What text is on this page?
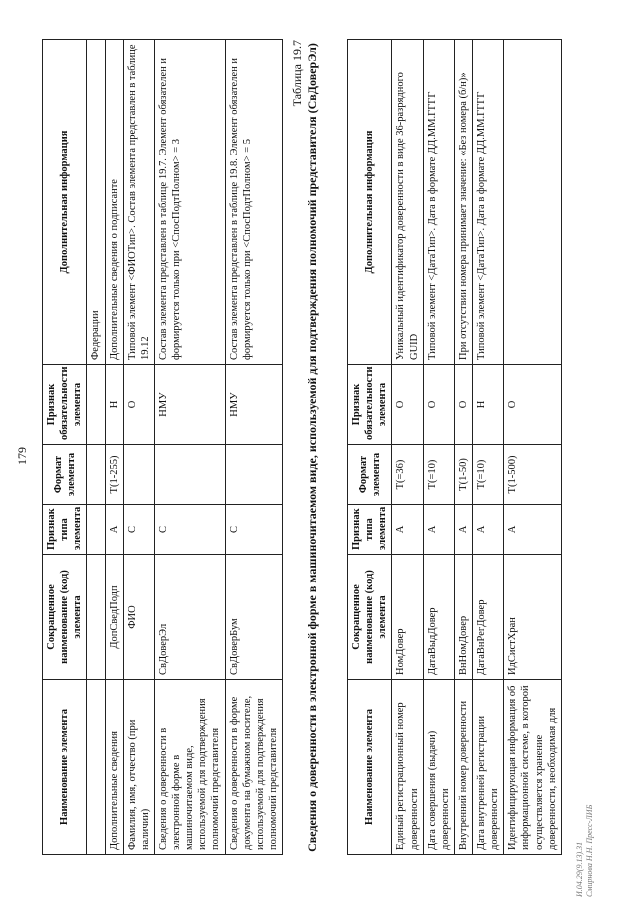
179
Наименование элемента	Сокращенное наименование (код) элемента	Признак типа элемента	Формат элемента	Признак обязательности элемента	Дополнительная информация
					Федерации
Дополнительные сведения	ДопСведПодп	А	Т(1-255)	Н	Дополнительные сведения о подписанте
Фамилия, имя, отчество (при наличии)	ФИО	С		О	Типовой элемент <ФИОТип>. Состав элемента представлен в таблице 19.12
Сведения о доверенности в электронной форме в машиночитаемом виде, используемой для подтверждения полномочий представителя	СвДоверЭл	С		НМУ	Состав элемента представлен в таблице 19.7. Элемент обязателен и формируется только при <СпосПодтПолном> = 3
Сведения о доверенности в форме документа на бумажном носителе, используемой для подтверждения полномочий представителя	СвДоверБум	С		НМУ	Состав элемента представлен в таблице 19.8. Элемент обязателен и формируется только при <СпосПодтПолном> = 5
Таблица 19.7 Сведения о доверенности в электронной форме в машиночитаемом виде, используемой для подтверждения полномочий представителя (СвДоверЭл)	Наименование элемента	Сокращенное наименование (код) элемента	Признак типа элемента	Формат элемента	Признак обязательности элемента	Дополнительная информация
Единый регистрационный номер доверенности	НомДовер	А	Т(=36)	О	Уникальный идентификатор доверенности в виде 36-разрядного GUID
Дата совершения (выдачи) доверенности	ДатаВыдДовер	А	Т(=10)	О	Типовой элемент <ДатаТип>. Дата в формате ДД.ММ.ГГГГ
Внутренний номер доверенности	ВнНомДовер	А	Т(1-50)	О	При отсутствии номера принимает значение: «Без номера (б/н)»
Дата внутренней регистрации доверенности	ДатаВнРегДовер	А	Т(=10)	Н	Типовой элемент <ДатаТип>. Дата в формате ДД.ММ.ГГГГ
Идентифицирующая информация об информационной системе, в которой осуществляется хранение доверенности, необходимая для	ИдСистХран	А	Т(1-500)	О	
И.04.29(9.13).31 Смирнова Н.Н. Пресс-ЛИБ
